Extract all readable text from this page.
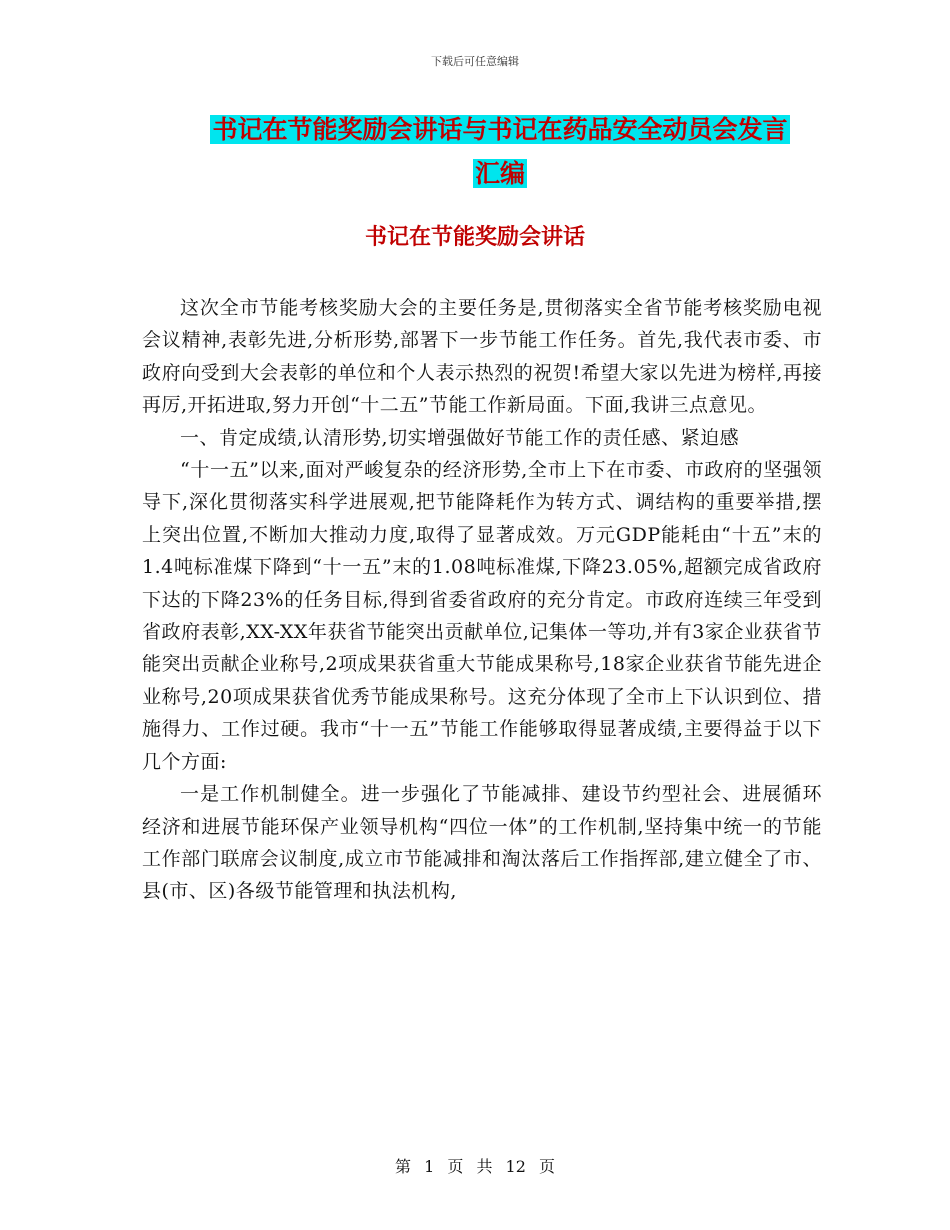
下载后可任意编辑
书记在节能奖励会讲话与书记在药品安全动员会发言
汇编
书记在节能奖励会讲话

这次全市节能考核奖励大会的主要任务是,贯彻落实全省节能考核奖励电视会议精神,表彰先进,分析形势,部署下一步节能工作任务。首先,我代表市委、市政府向受到大会表彰的单位和个人表示热烈的祝贺!希望大家以先进为榜样,再接再厉,开拓进取,努力开创“十二五”节能工作新局面。下面,我讲三点意见。

一、肯定成绩,认清形势,切实增强做好节能工作的责任感、紧迫感

“十一五”以来,面对严峻复杂的经济形势,全市上下在市委、市政府的坚强领导下,深化贯彻落实科学进展观,把节能降耗作为转方式、调结构的重要举措,摆上突出位置,不断加大推动力度,取得了显著成效。万元GDP能耗由“十五”末的1.4吨标准煤下降到“十一五”末的1.08吨标准煤,下降23.05%,超额完成省政府下达的下降23%的任务目标,得到省委省政府的充分肯定。市政府连续三年受到省政府表彰,XX-XX年获省节能突出贡献单位,记集体一等功,并有3家企业获省节能突出贡献企业称号,2项成果获省重大节能成果称号,18家企业获省节能先进企业称号,20项成果获省优秀节能成果称号。这充分体现了全市上下认识到位、措施得力、工作过硬。我市“十一五”节能工作能够取得显著成绩,主要得益于以下几个方面:

一是工作机制健全。进一步强化了节能减排、建设节约型社会、进展循环经济和进展节能环保产业领导机构“四位一体”的工作机制,坚持集中统一的节能工作部门联席会议制度,成立市节能减排和淘汰落后工作指挥部,建立健全了市、县(市、区)各级节能管理和执法机构,

第 1 页 共 12 页
